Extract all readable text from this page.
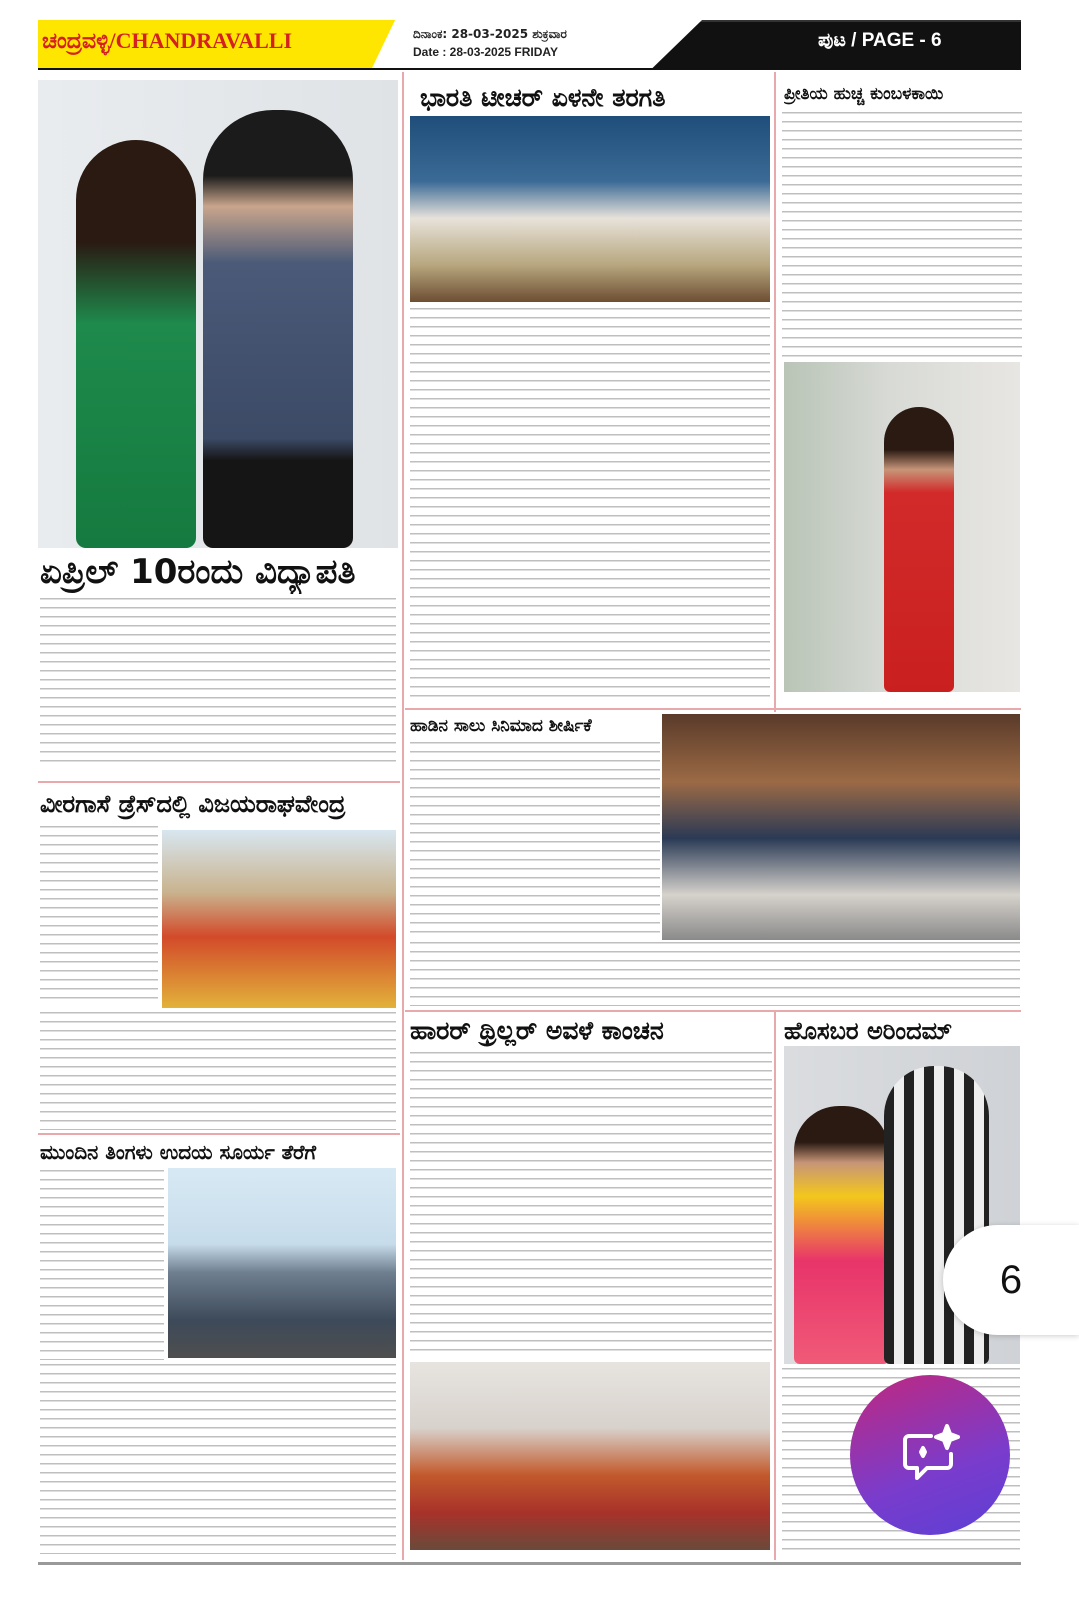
ಚಂದ್ರವಳ್ಳಿ/CHANDRAVALLI	ದಿನಾಂಕ: 28-03-2025 ಶುಕ್ರವಾರ
Date : 28-03-2025 FRIDAY
ಪುಟ / PAGE - 6
ಏಪ್ರಿಲ್ 10ರಂದು ವಿದ್ಯಾಪತಿ
ವೀರಗಾಸೆ ಡ್ರೆಸ್‌ದಲ್ಲಿ ವಿಜಯರಾಘವೇಂದ್ರ
ಮುಂದಿನ ತಿಂಗಳು ಉದಯ ಸೂರ್ಯ ತೆರೆಗೆ
ಭಾರತಿ ಟೀಚರ್ ಏಳನೇ ತರಗತಿ	ಪ್ರೀತಿಯ ಹುಚ್ಚ ಕುಂಬಳಕಾಯಿ
ಹಾಡಿನ ಸಾಲು ಸಿನಿಮಾದ ಶೀರ್ಷಿಕೆ
ಹಾರರ್ ಥ್ರಿಲ್ಲರ್ ಅವಳೆ ಕಾಂಚನ	ಹೊಸಬರ ಅರಿಂದಮ್
6
